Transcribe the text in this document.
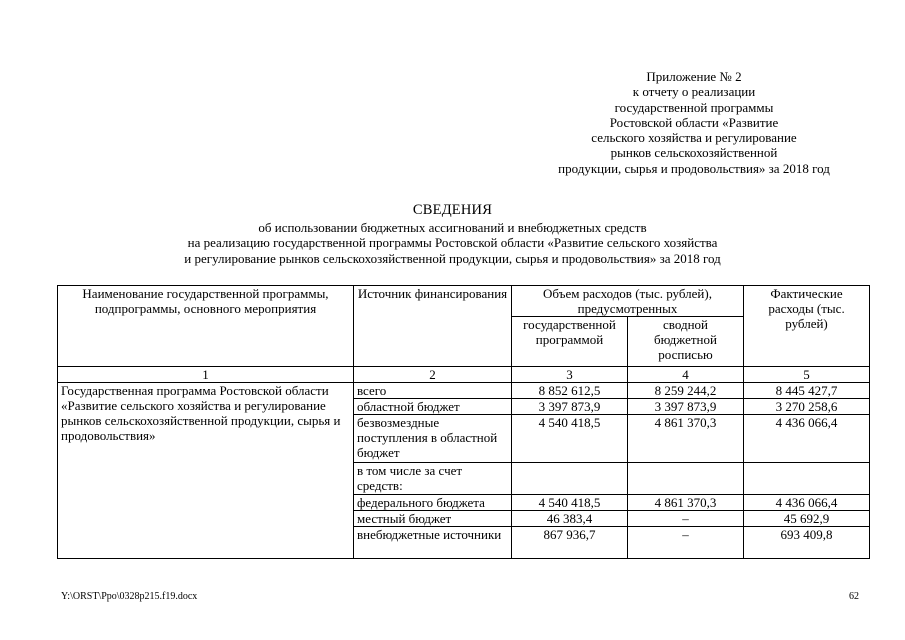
Приложение № 2
к отчету о реализации
государственной программы
Ростовской области «Развитие
сельского хозяйства и регулирование
рынков сельскохозяйственной
продукции, сырья и продовольствия» за 2018 год
СВЕДЕНИЯ
об использовании бюджетных ассигнований и внебюджетных средств
на реализацию государственной программы Ростовской области «Развитие сельского хозяйства
и регулирование рынков сельскохозяйственной продукции, сырья и продовольствия» за 2018 год
Наименование государственной программы, подпрограммы, основного мероприятия	Источник финансирования	Объем расходов (тыс. рублей), предусмотренных		Фактические расходы (тыс. рублей)
		государственной программой	сводной бюджетной росписью	
1	2	3	4	5
Государственная программа Ростовской области «Развитие сельского хозяйства и регулирование рынков сельскохозяйственной продукции, сырья и продовольствия»	всего	8 852 612,5	8 259 244,2	8 445 427,7
	областной бюджет	3 397 873,9	3 397 873,9	3 270 258,6
	безвозмездные поступления в областной бюджет	4 540 418,5	4 861 370,3	4 436 066,4
	в том числе за счет средств:			
	федерального бюджета	4 540 418,5	4 861 370,3	4 436 066,4
	местный бюджет	46 383,4	–	45 692,9
	внебюджетные источники	867 936,7	–	693 409,8
Y:\ORST\Ppo\0328p215.f19.docx	62
